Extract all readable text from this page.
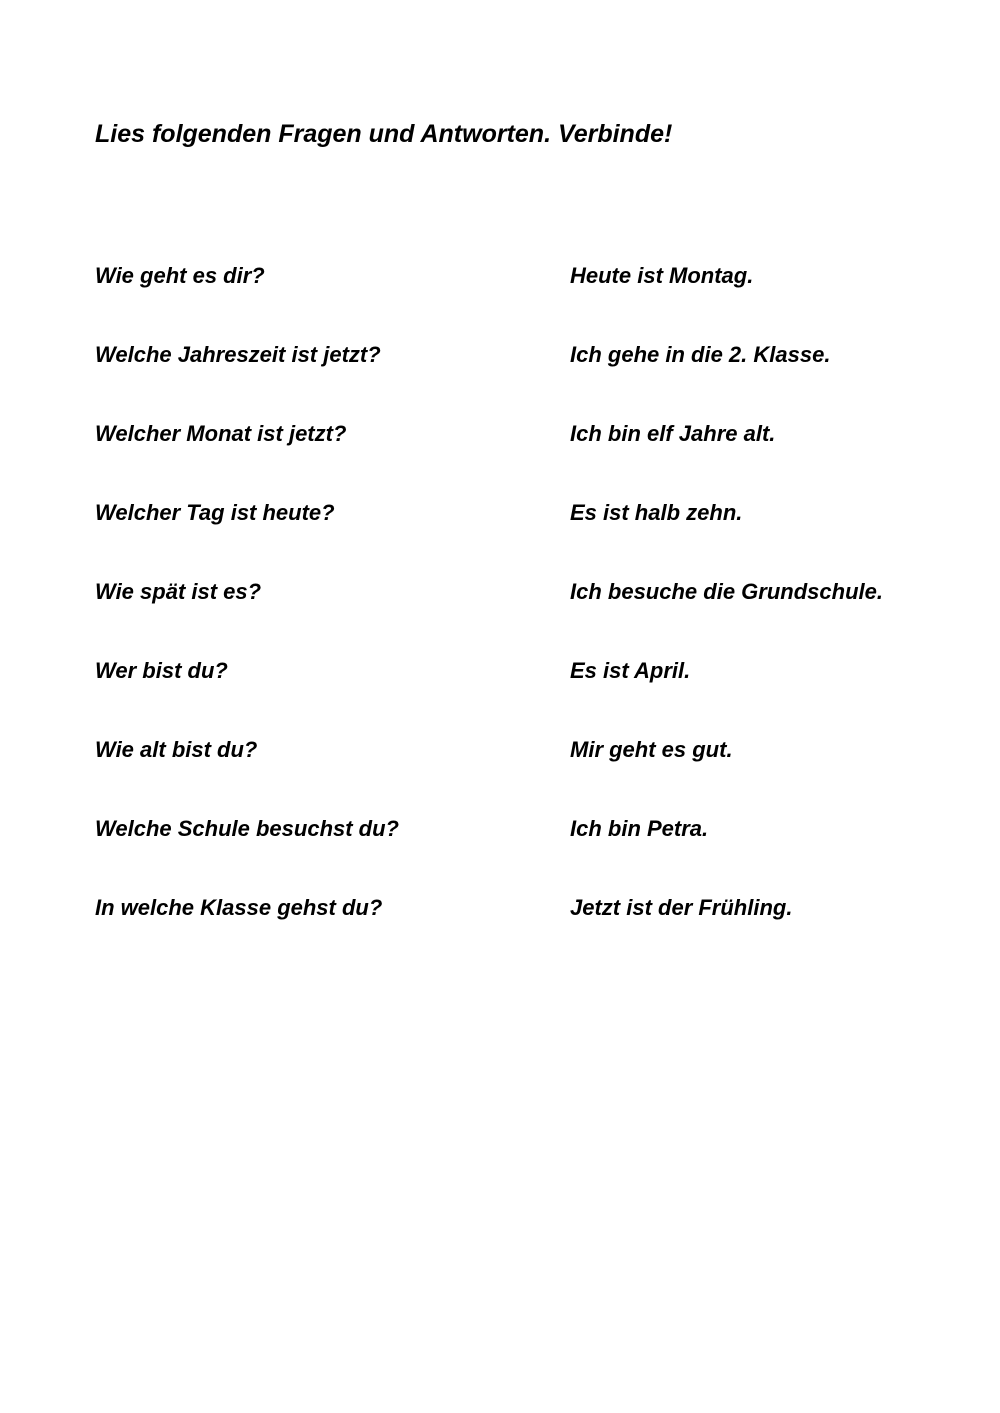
Lies folgenden Fragen und Antworten. Verbinde!
Wie geht es dir?	Heute ist Montag.
Welche Jahreszeit ist jetzt?	Ich gehe in die 2. Klasse.
Welcher Monat ist jetzt?	Ich bin elf Jahre alt.
Welcher Tag ist heute?	Es ist halb zehn.
Wie spät ist es?	Ich besuche die Grundschule.
Wer bist du?	Es ist April.
Wie alt bist du?	Mir geht es gut.
Welche Schule besuchst du?	Ich bin Petra.
In welche Klasse gehst du?	Jetzt ist der Frühling.
